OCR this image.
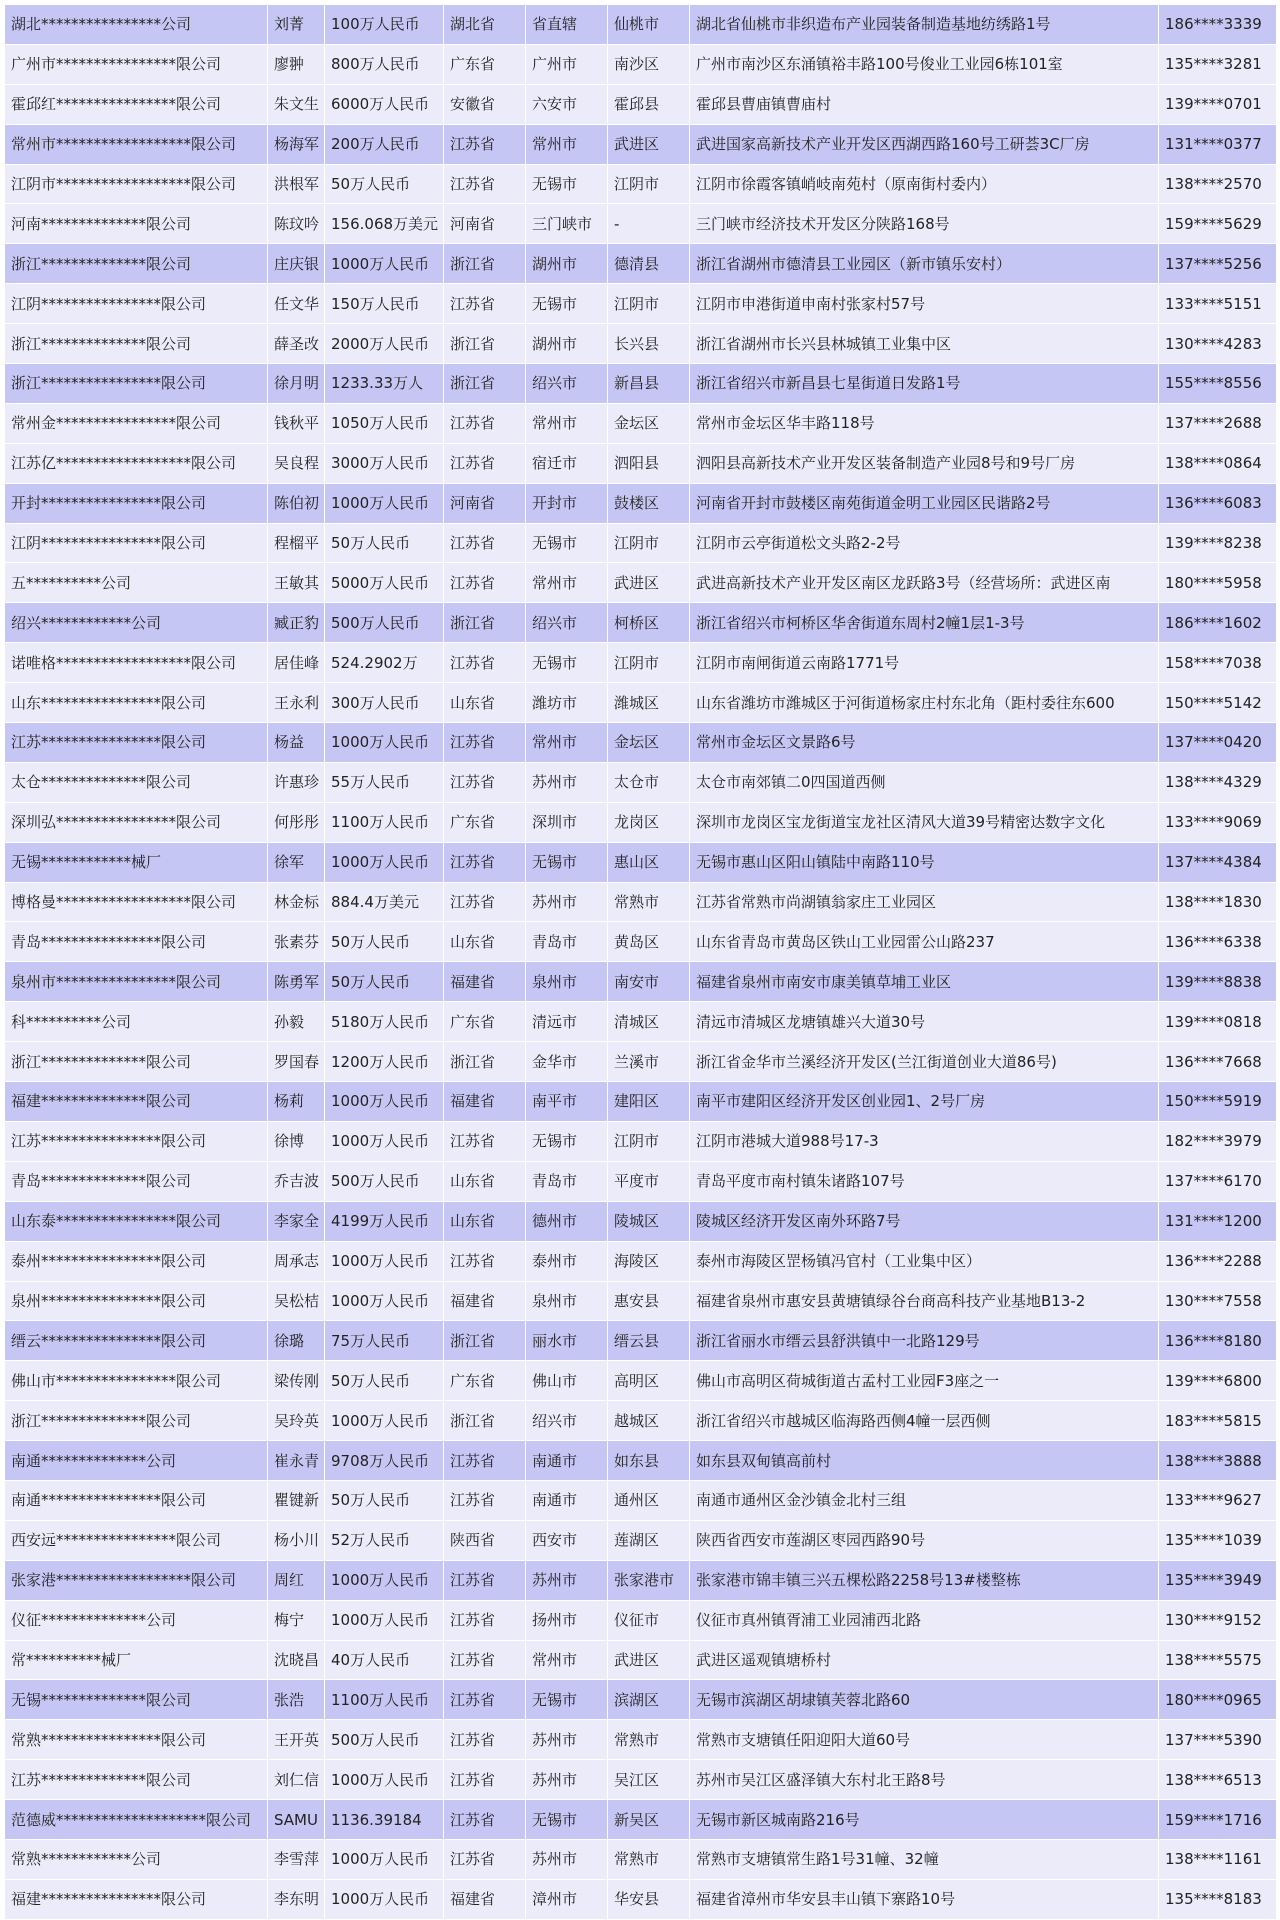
湖北****************公司	刘菁	100万人民币	湖北省	省直辖	仙桃市	湖北省仙桃市非织造布产业园装备制造基地纺绣路1号	186****3339
广州市****************限公司	廖翀	800万人民币	广东省	广州市	南沙区	广州市南沙区东涌镇裕丰路100号俊业工业园6栋101室	135****3281
霍邱红****************限公司	朱文生	6000万人民币	安徽省	六安市	霍邱县	霍邱县曹庙镇曹庙村	139****0701
常州市******************限公司	杨海军	200万人民币	江苏省	常州市	武进区	武进国家高新技术产业开发区西湖西路160号工研荟3C厂房	131****0377
江阴市******************限公司	洪根军	50万人民币	江苏省	无锡市	江阴市	江阴市徐霞客镇峭岐南苑村（原南街村委内）	138****2570
河南**************限公司	陈玟吟	156.068万美元	河南省	三门峡市	-	三门峡市经济技术开发区分陕路168号	159****5629
浙江**************限公司	庄庆银	1000万人民币	浙江省	湖州市	德清县	浙江省湖州市德清县工业园区（新市镇乐安村）	137****5256
江阴****************限公司	任文华	150万人民币	江苏省	无锡市	江阴市	江阴市申港街道申南村张家村57号	133****5151
浙江**************限公司	薛圣改	2000万人民币	浙江省	湖州市	长兴县	浙江省湖州市长兴县林城镇工业集中区	130****4283
浙江****************限公司	徐月明	1233.33万人	浙江省	绍兴市	新昌县	浙江省绍兴市新昌县七星街道日发路1号	155****8556
常州金****************限公司	钱秋平	1050万人民币	江苏省	常州市	金坛区	常州市金坛区华丰路118号	137****2688
江苏亿******************限公司	吴良程	3000万人民币	江苏省	宿迁市	泗阳县	泗阳县高新技术产业开发区装备制造产业园8号和9号厂房	138****0864
开封****************限公司	陈伯初	1000万人民币	河南省	开封市	鼓楼区	河南省开封市鼓楼区南苑街道金明工业园区民谐路2号	136****6083
江阴****************限公司	程榴平	50万人民币	江苏省	无锡市	江阴市	江阴市云亭街道松文头路2-2号	139****8238
五**********公司	王敏其	5000万人民币	江苏省	常州市	武进区	武进高新技术产业开发区南区龙跃路3号（经营场所：武进区南	180****5958
绍兴************公司	臧正豹	500万人民币	浙江省	绍兴市	柯桥区	浙江省绍兴市柯桥区华舍街道东周村2幢1层1-3号	186****1602
诺唯格******************限公司	居佳峰	524.2902万	江苏省	无锡市	江阴市	江阴市南闸街道云南路1771号	158****7038
山东****************限公司	王永利	300万人民币	山东省	潍坊市	潍城区	山东省潍坊市潍城区于河街道杨家庄村东北角（距村委往东600	150****5142
江苏****************限公司	杨益	1000万人民币	江苏省	常州市	金坛区	常州市金坛区文景路6号	137****0420
太仓**************限公司	许惠珍	55万人民币	江苏省	苏州市	太仓市	太仓市南郊镇二0四国道西侧	138****4329
深圳弘****************限公司	何彤彤	1100万人民币	广东省	深圳市	龙岗区	深圳市龙岗区宝龙街道宝龙社区清风大道39号精密达数字文化	133****9069
无锡************械厂	徐军	1000万人民币	江苏省	无锡市	惠山区	无锡市惠山区阳山镇陆中南路110号	137****4384
博格曼******************限公司	林金标	884.4万美元	江苏省	苏州市	常熟市	江苏省常熟市尚湖镇翁家庄工业园区	138****1830
青岛****************限公司	张素芬	50万人民币	山东省	青岛市	黄岛区	山东省青岛市黄岛区铁山工业园雷公山路237	136****6338
泉州市****************限公司	陈勇军	50万人民币	福建省	泉州市	南安市	福建省泉州市南安市康美镇草埔工业区	139****8838
科**********公司	孙毅	5180万人民币	广东省	清远市	清城区	清远市清城区龙塘镇雄兴大道30号	139****0818
浙江**************限公司	罗国春	1200万人民币	浙江省	金华市	兰溪市	浙江省金华市兰溪经济开发区(兰江街道创业大道86号)	136****7668
福建**************限公司	杨莉	1000万人民币	福建省	南平市	建阳区	南平市建阳区经济开发区创业园1、2号厂房	150****5919
江苏****************限公司	徐博	1000万人民币	江苏省	无锡市	江阴市	江阴市港城大道988号17-3	182****3979
青岛**************限公司	乔吉波	500万人民币	山东省	青岛市	平度市	青岛平度市南村镇朱诸路107号	137****6170
山东泰****************限公司	李家全	4199万人民币	山东省	德州市	陵城区	陵城区经济开发区南外环路7号	131****1200
泰州****************限公司	周承志	1000万人民币	江苏省	泰州市	海陵区	泰州市海陵区罡杨镇冯官村（工业集中区）	136****2288
泉州****************限公司	吴松桔	1000万人民币	福建省	泉州市	惠安县	福建省泉州市惠安县黄塘镇绿谷台商高科技产业基地B13-2	130****7558
缙云****************限公司	徐璐	75万人民币	浙江省	丽水市	缙云县	浙江省丽水市缙云县舒洪镇中一北路129号	136****8180
佛山市****************限公司	梁传刚	50万人民币	广东省	佛山市	高明区	佛山市高明区荷城街道古孟村工业园F3座之一	139****6800
浙江**************限公司	吴玲英	1000万人民币	浙江省	绍兴市	越城区	浙江省绍兴市越城区临海路西侧4幢一层西侧	183****5815
南通**************公司	崔永青	9708万人民币	江苏省	南通市	如东县	如东县双甸镇高前村	138****3888
南通****************限公司	瞿键新	50万人民币	江苏省	南通市	通州区	南通市通州区金沙镇金北村三组	133****9627
西安远****************限公司	杨小川	52万人民币	陕西省	西安市	莲湖区	陕西省西安市莲湖区枣园西路90号	135****1039
张家港******************限公司	周红	1000万人民币	江苏省	苏州市	张家港市	张家港市锦丰镇三兴五棵松路2258号13#楼整栋	135****3949
仪征**************公司	梅宁	1000万人民币	江苏省	扬州市	仪征市	仪征市真州镇胥浦工业园浦西北路	130****9152
常**********械厂	沈晓昌	40万人民币	江苏省	常州市	武进区	武进区遥观镇塘桥村	138****5575
无锡**************限公司	张浩	1100万人民币	江苏省	无锡市	滨湖区	无锡市滨湖区胡埭镇芙蓉北路60	180****0965
常熟****************限公司	王开英	500万人民币	江苏省	苏州市	常熟市	常熟市支塘镇任阳迎阳大道60号	137****5390
江苏**************限公司	刘仁信	1000万人民币	江苏省	苏州市	吴江区	苏州市吴江区盛泽镇大东村北王路8号	138****6513
范德威********************限公司	SAMU	1136.39184	江苏省	无锡市	新吴区	无锡市新区城南路216号	159****1716
常熟************公司	李雪萍	1000万人民币	江苏省	苏州市	常熟市	常熟市支塘镇常生路1号31幢、32幢	138****1161
福建****************限公司	李东明	1000万人民币	福建省	漳州市	华安县	福建省漳州市华安县丰山镇下寨路10号	135****8183
